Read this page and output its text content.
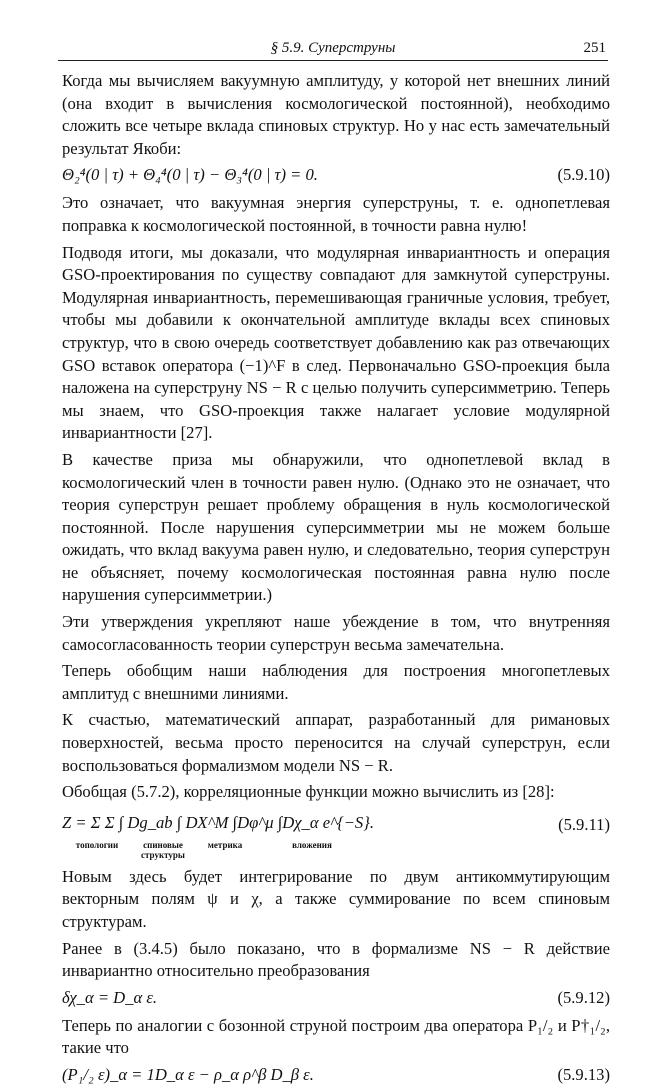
§ 5.9. Суперструны	251

Когда мы вычисляем вакуумную амплитуду, у которой нет внешних линий (она входит в вычисления космологической постоянной), необходимо сложить все четыре вклада спиновых структур. Но у нас есть замечательный результат Якоби:

Θ₂⁴(0 | τ) + Θ₄⁴(0 | τ) − Θ₃⁴(0 | τ) = 0.	(5.9.10)

Это означает, что вакуумная энергия суперструны, т. е. однопетлевая поправка к космологической постоянной, в точности равна нулю!

Подводя итоги, мы доказали, что модулярная инвариантность и операция GSO-проектирования по существу совпадают для замкнутой суперструны. Модулярная инвариантность, перемешивающая граничные условия, требует, чтобы мы добавили к окончательной амплитуде вклады всех спиновых структур, что в свою очередь соответствует добавлению как раз отвечающих GSO вставок оператора (−1)^F в след. Первоначально GSO-проекция была наложена на суперструну NS − R с целью получить суперсимметрию. Теперь мы знаем, что GSO-проекция также налагает условие модулярной инвариантности [27].

В качестве приза мы обнаружили, что однопетлевой вклад в космологический член в точности равен нулю. (Однако это не означает, что теория суперструн решает проблему обращения в нуль космологической постоянной. После нарушения суперсимметрии мы не можем больше ожидать, что вклад вакуума равен нулю, и следовательно, теория суперструн не объясняет, почему космологическая постоянная равна нулю после нарушения суперсимметрии.)

Эти утверждения укрепляют наше убеждение в том, что внутренняя самосогласованность теории суперструн весьма замечательна.

Теперь обобщим наши наблюдения для построения многопетлевых амплитуд с внешними линиями.

К счастью, математический аппарат, разработанный для римановых поверхностей, весьма просто переносится на случай суперструн, если воспользоваться формализмом модели NS − R.

Обобщая (5.7.2), корреляционные функции можно вычислить из [28]:

Z = Σ Σ ∫ Dg_ab ∫ DX^M ∫Dφ^μ ∫Dχ_α e^{−S}.	(5.9.11)
топологии	спиновые структуры
метрика	вложения

Новым здесь будет интегрирование по двум антикоммутирующим векторным полям ψ и χ, а также суммирование по всем спиновым структурам.

Ранее в (3.4.5) было показано, что в формализме NS − R действие инвариантно относительно преобразования

δχ_α = D_α ε.	(5.9.12)

Теперь по аналогии с бозонной струной построим два оператора P₁/₂ и P†₁/₂, такие что

(P₁/₂ ε)_α = 1D_α ε − ρ_α ρ^β D_β ε.	(5.9.13)
